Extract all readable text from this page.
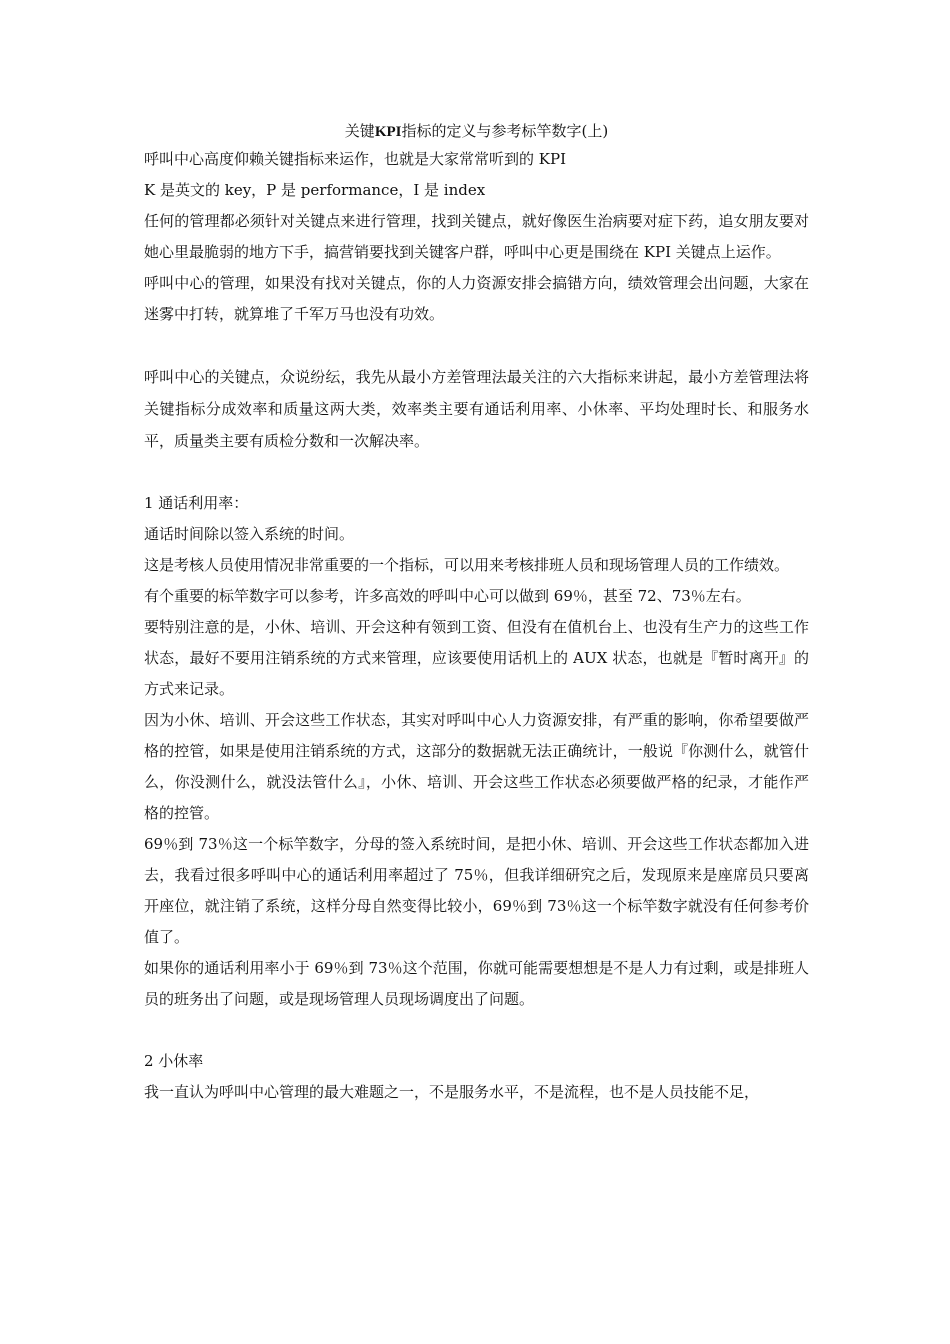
关键KPI指标的定义与参考标竿数字(上)

呼叫中心高度仰赖关键指标来运作，也就是大家常常听到的 KPI

K 是英文的 key，P 是 performance，I 是 index

任何的管理都必须针对关键点来进行管理，找到关键点，就好像医生治病要对症下药，追女朋友要对她心里最脆弱的地方下手，搞营销要找到关键客户群，呼叫中心更是围绕在 KPI 关键点上运作。

呼叫中心的管理，如果没有找对关键点，你的人力资源安排会搞错方向，绩效管理会出问题，大家在迷雾中打转，就算堆了千军万马也没有功效。

呼叫中心的关键点，众说纷纭，我先从最小方差管理法最关注的六大指标来讲起，最小方差管理法将关键指标分成效率和质量这两大类，效率类主要有通话利用率、小休率、平均处理时长、和服务水平，质量类主要有质检分数和一次解决率。

1 通话利用率：

通话时间除以签入系统的时间。

这是考核人员使用情况非常重要的一个指标，可以用来考核排班人员和现场管理人员的工作绩效。

有个重要的标竿数字可以参考，许多高效的呼叫中心可以做到 69％，甚至 72、73％左右。

要特别注意的是，小休、培训、开会这种有领到工资、但没有在值机台上、也没有生产力的这些工作状态，最好不要用注销系统的方式来管理，应该要使用话机上的 AUX 状态，也就是『暂时离开』的方式来记录。

因为小休、培训、开会这些工作状态，其实对呼叫中心人力资源安排，有严重的影响，你希望要做严格的控管，如果是使用注销系统的方式，这部分的数据就无法正确统计，一般说『你测什么，就管什么，你没测什么，就没法管什么』，小休、培训、开会这些工作状态必须要做严格的纪录，才能作严格的控管。

69％到 73％这一个标竿数字，分母的签入系统时间，是把小休、培训、开会这些工作状态都加入进去，我看过很多呼叫中心的通话利用率超过了 75％，但我详细研究之后，发现原来是座席员只要离开座位，就注销了系统，这样分母自然变得比较小，69％到 73％这一个标竿数字就没有任何参考价值了。

如果你的通话利用率小于 69％到 73％这个范围，你就可能需要想想是不是人力有过剩，或是排班人员的班务出了问题，或是现场管理人员现场调度出了问题。

2 小休率

我一直认为呼叫中心管理的最大难题之一，不是服务水平，不是流程，也不是人员技能不足，
